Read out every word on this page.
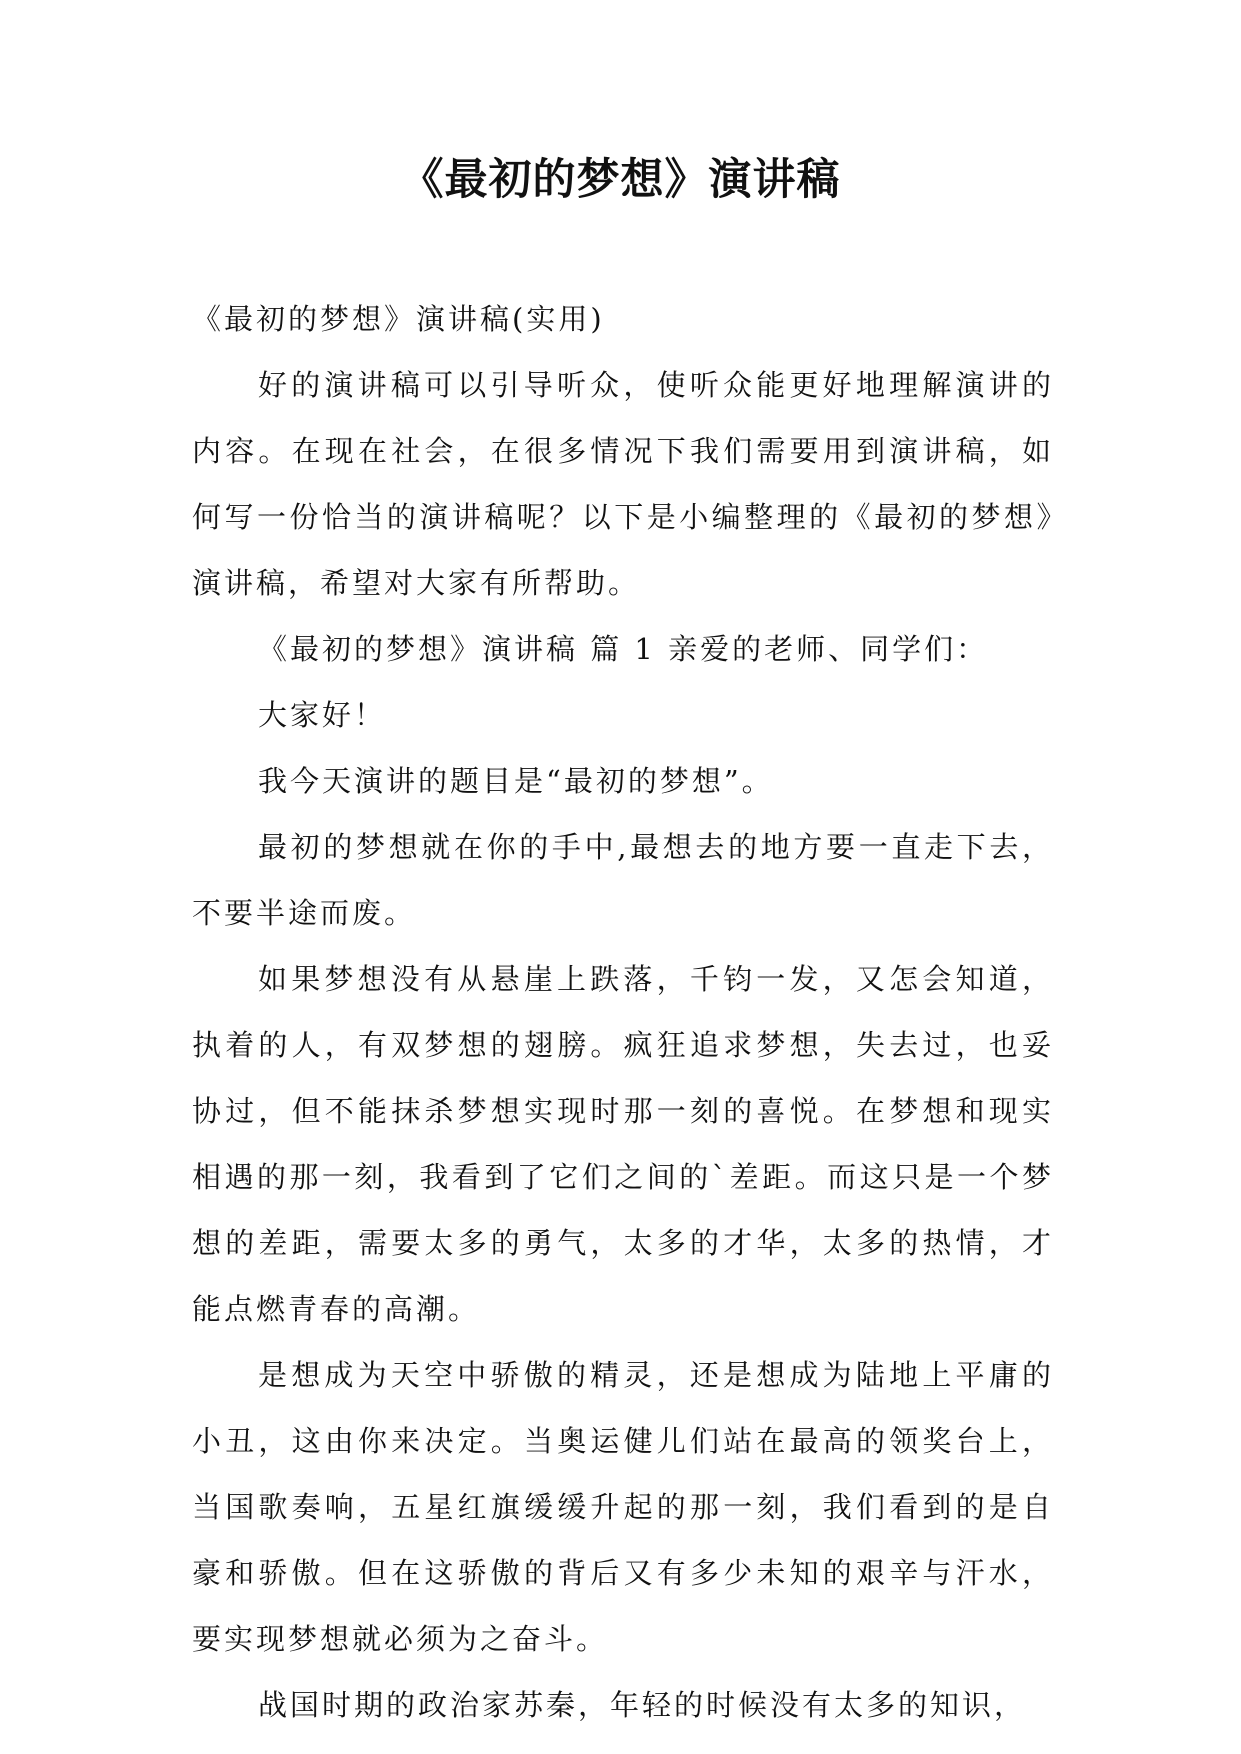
《最初的梦想》演讲稿

《最初的梦想》演讲稿(实用)

好的演讲稿可以引导听众，使听众能更好地理解演讲的内容。在现在社会，在很多情况下我们需要用到演讲稿，如何写一份恰当的演讲稿呢？以下是小编整理的《最初的梦想》演讲稿，希望对大家有所帮助。

《最初的梦想》演讲稿 篇 1 亲爱的老师、同学们：

大家好！

我今天演讲的题目是“最初的梦想”。

最初的梦想就在你的手中,最想去的地方要一直走下去，不要半途而废。

如果梦想没有从悬崖上跌落，千钧一发，又怎会知道，执着的人，有双梦想的翅膀。疯狂追求梦想，失去过，也妥协过，但不能抹杀梦想实现时那一刻的喜悦。在梦想和现实相遇的那一刻，我看到了它们之间的`差距。而这只是一个梦想的差距，需要太多的勇气，太多的才华，太多的热情，才能点燃青春的高潮。

是想成为天空中骄傲的精灵，还是想成为陆地上平庸的小丑，这由你来决定。当奥运健儿们站在最高的领奖台上，当国歌奏响，五星红旗缓缓升起的那一刻，我们看到的是自豪和骄傲。但在这骄傲的背后又有多少未知的艰辛与汗水，要实现梦想就必须为之奋斗。

战国时期的政治家苏秦，年轻的时候没有太多的知识，
